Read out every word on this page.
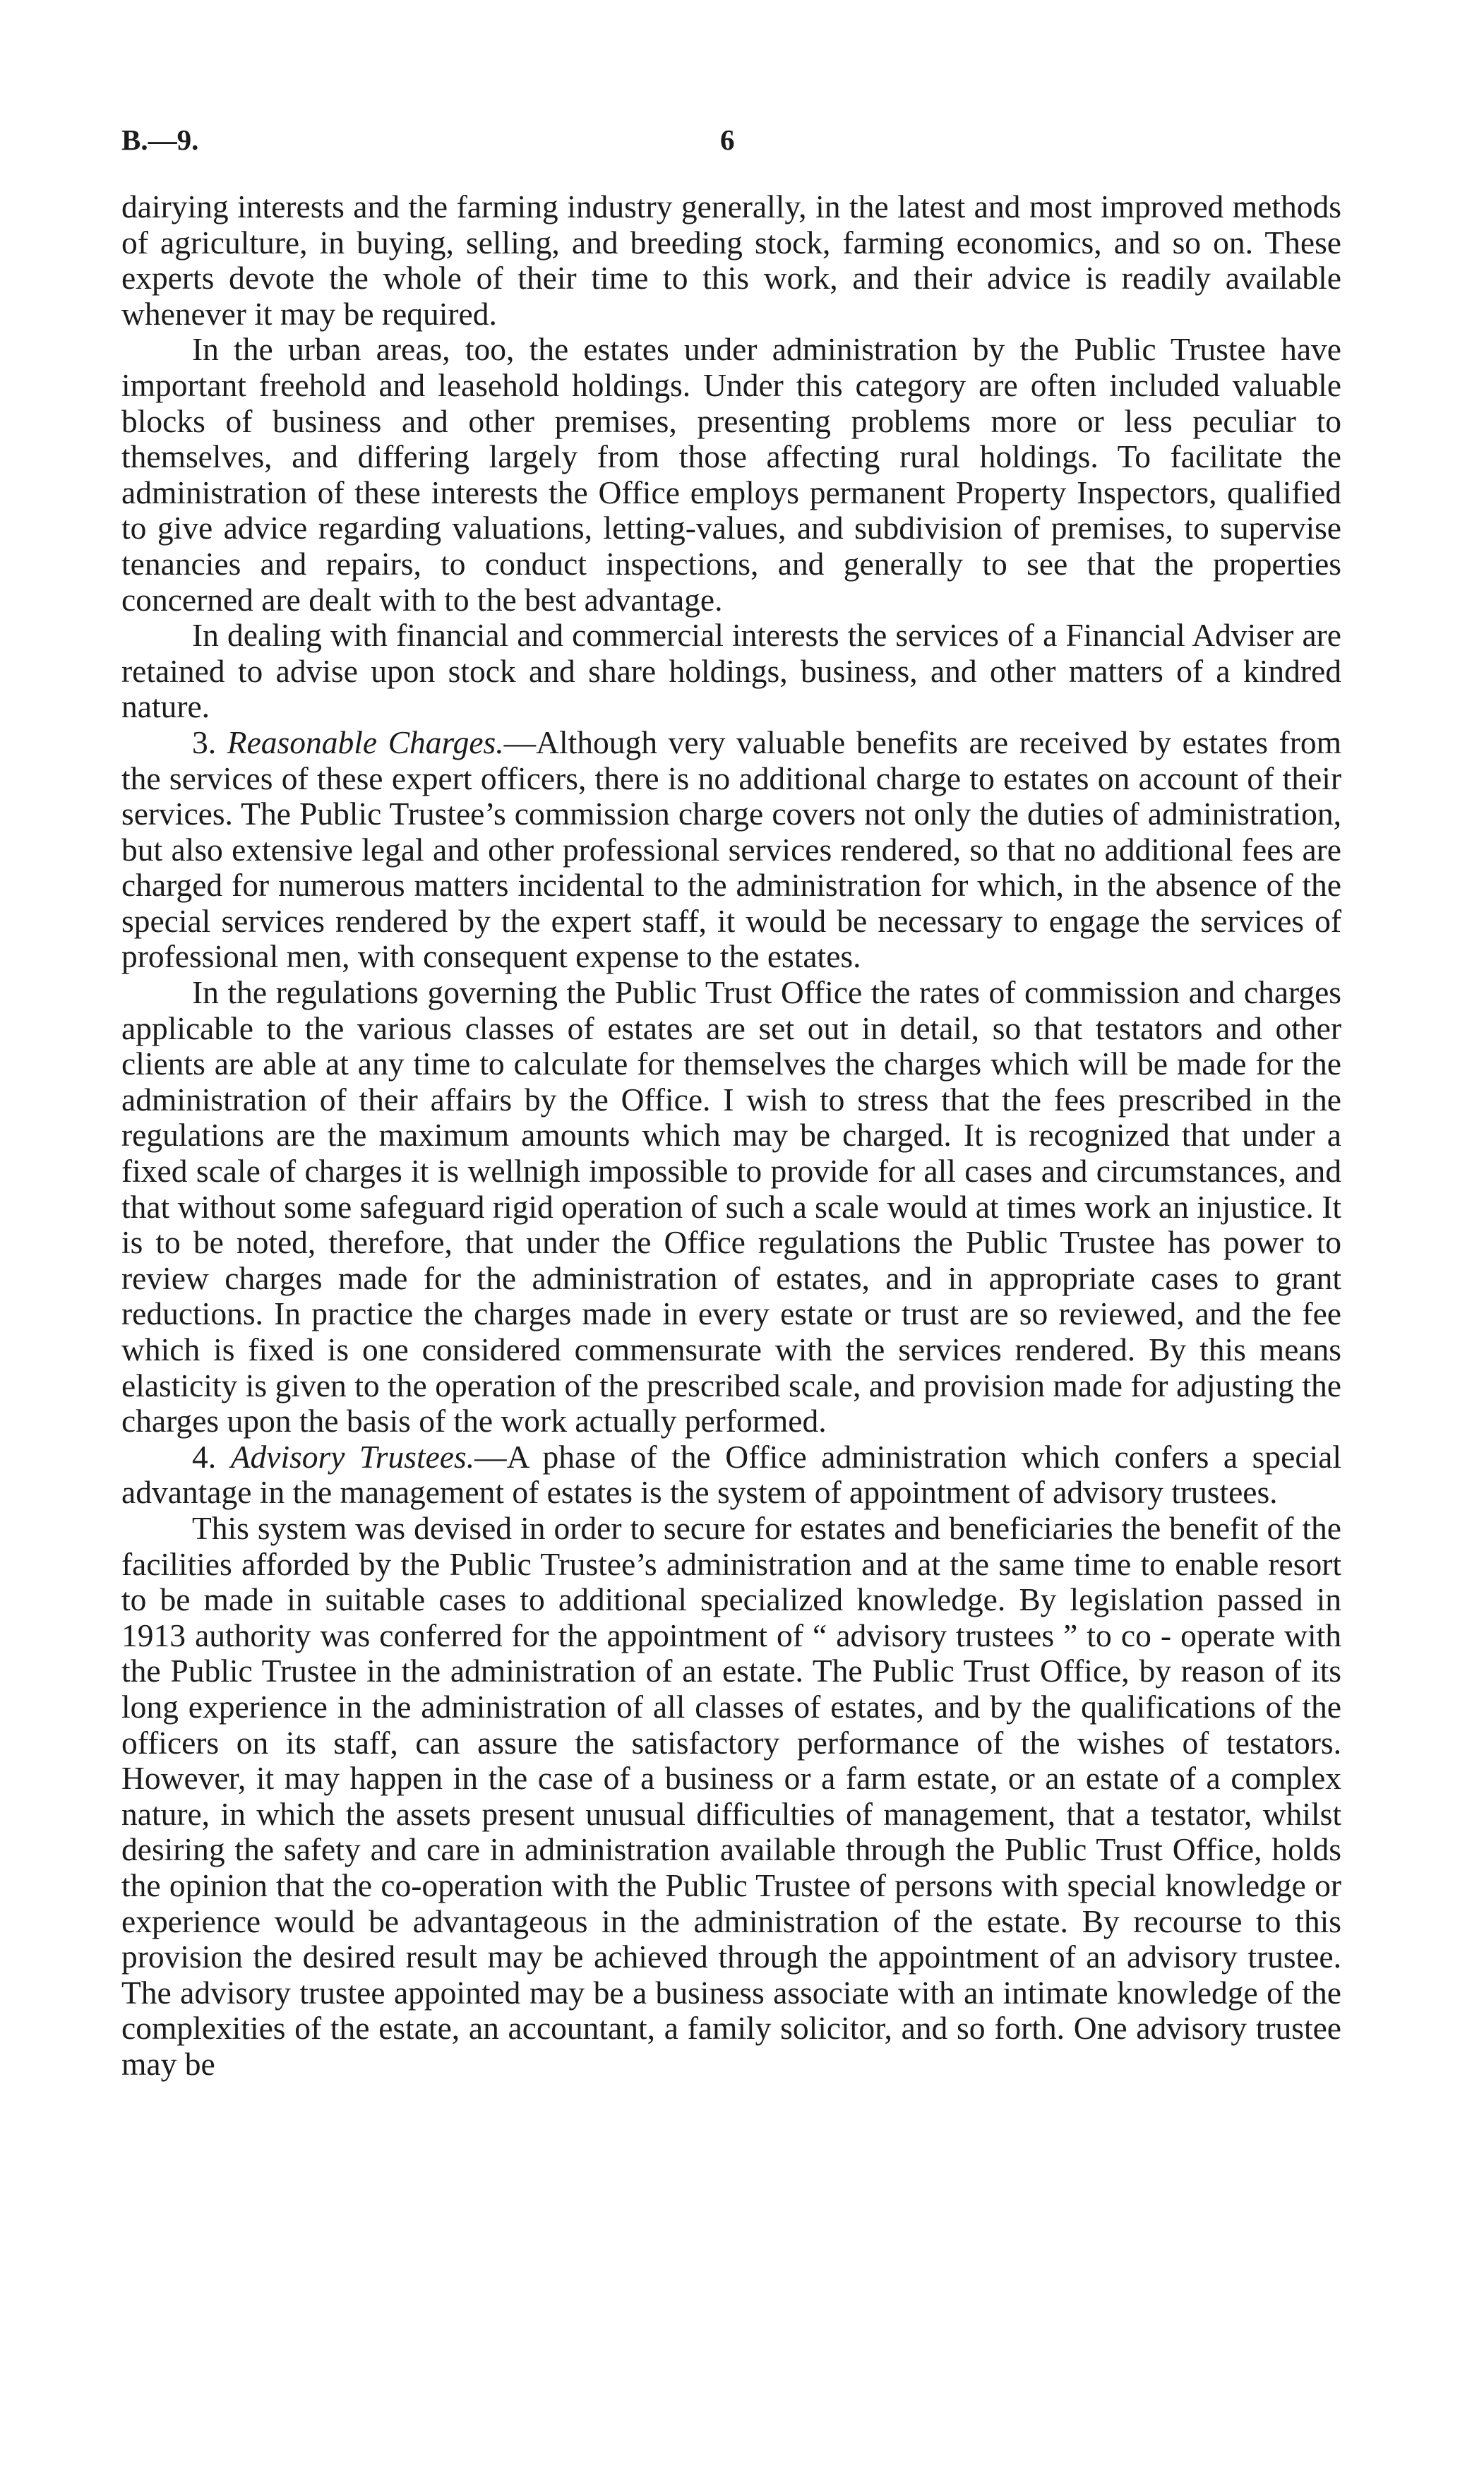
B.—9.	6

dairying interests and the farming industry generally, in the latest and most improved methods of agriculture, in buying, selling, and breeding stock, farming economics, and so on. These experts devote the whole of their time to this work, and their advice is readily available whenever it may be required.

In the urban areas, too, the estates under administration by the Public Trustee have important freehold and leasehold holdings. Under this category are often included valuable blocks of business and other premises, presenting problems more or less peculiar to themselves, and differing largely from those affecting rural holdings. To facilitate the administration of these interests the Office employs permanent Property Inspectors, qualified to give advice regarding valuations, letting-values, and subdivision of premises, to supervise tenancies and repairs, to conduct inspections, and generally to see that the properties concerned are dealt with to the best advantage.

In dealing with financial and commercial interests the services of a Financial Adviser are retained to advise upon stock and share holdings, business, and other matters of a kindred nature.

3. Reasonable Charges.—Although very valuable benefits are received by estates from the services of these expert officers, there is no additional charge to estates on account of their services. The Public Trustee’s commission charge covers not only the duties of administration, but also extensive legal and other professional services rendered, so that no additional fees are charged for numerous matters incidental to the administration for which, in the absence of the special services rendered by the expert staff, it would be necessary to engage the services of professional men, with consequent expense to the estates.

In the regulations governing the Public Trust Office the rates of commission and charges applicable to the various classes of estates are set out in detail, so that testators and other clients are able at any time to calculate for themselves the charges which will be made for the administration of their affairs by the Office. I wish to stress that the fees prescribed in the regulations are the maximum amounts which may be charged. It is recognized that under a fixed scale of charges it is wellnigh impossible to provide for all cases and circumstances, and that without some safeguard rigid operation of such a scale would at times work an injustice. It is to be noted, therefore, that under the Office regulations the Public Trustee has power to review charges made for the administration of estates, and in appropriate cases to grant reductions. In practice the charges made in every estate or trust are so reviewed, and the fee which is fixed is one considered commensurate with the services rendered. By this means elasticity is given to the operation of the prescribed scale, and provision made for adjusting the charges upon the basis of the work actually performed.

4. Advisory Trustees.—A phase of the Office administration which confers a special advantage in the management of estates is the system of appointment of advisory trustees.

This system was devised in order to secure for estates and beneficiaries the benefit of the facilities afforded by the Public Trustee’s administration and at the same time to enable resort to be made in suitable cases to additional specialized knowledge. By legislation passed in 1913 authority was conferred for the appointment of “ advisory trustees ” to co - operate with the Public Trustee in the administration of an estate. The Public Trust Office, by reason of its long experience in the administration of all classes of estates, and by the qualifications of the officers on its staff, can assure the satisfactory performance of the wishes of testators. However, it may happen in the case of a business or a farm estate, or an estate of a complex nature, in which the assets present unusual difficulties of management, that a testator, whilst desiring the safety and care in administration available through the Public Trust Office, holds the opinion that the co-operation with the Public Trustee of persons with special knowledge or experience would be advantageous in the administration of the estate. By recourse to this provision the desired result may be achieved through the appointment of an advisory trustee. The advisory trustee appointed may be a business associate with an intimate knowledge of the complexities of the estate, an accountant, a family solicitor, and so forth. One advisory trustee may be
